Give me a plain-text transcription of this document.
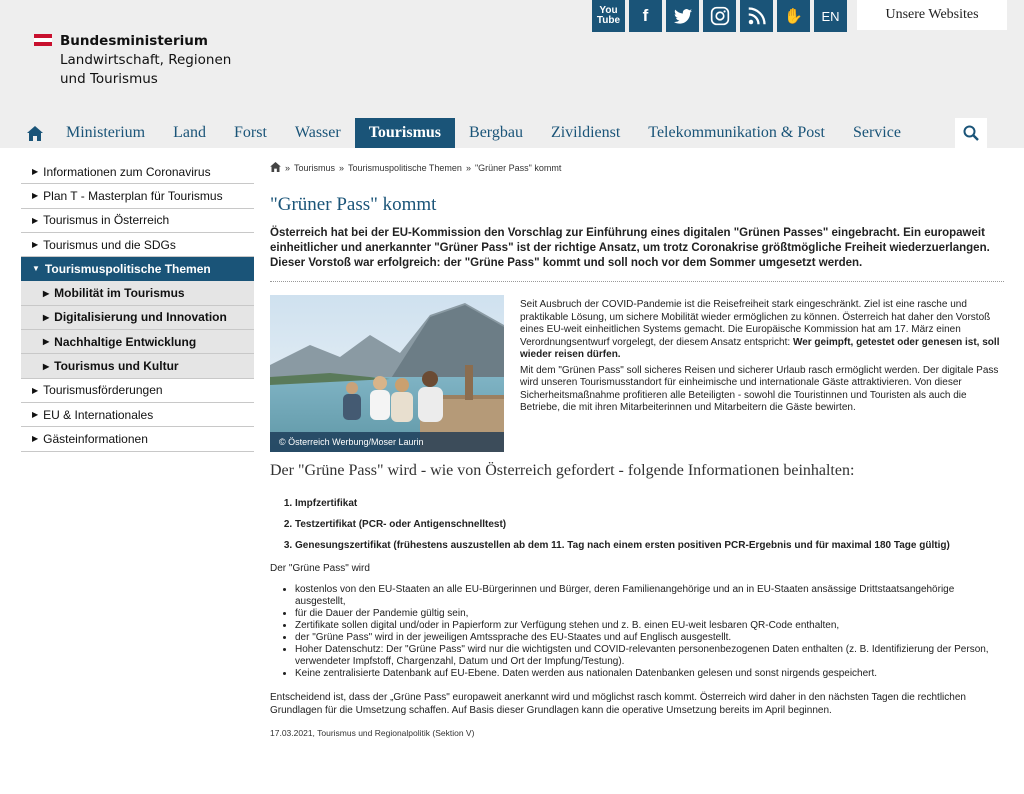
Bundesministerium
Landwirtschaft, Regionen
und Tourismus
You Tube	f	✋	EN	Unsere Websites
Ministerium	Land	Forst	Wasser	Tourismus	Bergbau	Zivildienst	Telekommunikation & Post	Service
▶ Informationen zum Coronavirus
▶ Plan T - Masterplan für Tourismus
▶ Tourismus in Österreich
▶ Tourismus und die SDGs
▼ Tourismuspolitische Themen
▶ Mobilität im Tourismus
▶ Digitalisierung und Innovation
▶ Nachhaltige Entwicklung
▶ Tourismus und Kultur
▶ Tourismusförderungen
▶ EU & Internationales
▶ Gästeinformationen
» Tourismus » Tourismuspolitische Themen » "Grüner Pass" kommt
"Grüner Pass" kommt

Österreich hat bei der EU-Kommission den Vorschlag zur Einführung eines digitalen "Grünen Passes" eingebracht. Ein europaweit einheitlicher und anerkannter "Grüner Pass" ist der richtige Ansatz, um trotz Coronakrise größtmögliche Freiheit wiederzuerlangen. Dieser Vorstoß war erfolgreich: der "Grüne Pass" kommt und soll noch vor dem Sommer umgesetzt werden.

© Österreich Werbung/Moser Laurin

Seit Ausbruch der COVID-Pandemie ist die Reisefreiheit stark eingeschränkt. Ziel ist eine rasche und praktikable Lösung, um sichere Mobilität wieder ermöglichen zu können. Österreich hat daher den Vorstoß eines EU-weit einheitlichen Systems gemacht. Die Europäische Kommission hat am 17. März einen Verordnungsentwurf vorgelegt, der diesem Ansatz entspricht: Wer geimpft, getestet oder genesen ist, soll wieder reisen dürfen.

Mit dem "Grünen Pass" soll sicheres Reisen und sicherer Urlaub rasch ermöglicht werden. Der digitale Pass wird unseren Tourismusstandort für einheimische und internationale Gäste attraktivieren. Von dieser Sicherheitsmaßnahme profitieren alle Beteiligten - sowohl die Touristinnen und Touristen als auch die Betriebe, die mit ihren Mitarbeiterinnen und Mitarbeitern die Gäste bewirten.

Der "Grüne Pass" wird - wie von Österreich gefordert - folgende Informationen beinhalten:
1. Impfzertifikat
2. Testzertifikat (PCR- oder Antigenschnelltest)
3. Genesungszertifikat (frühestens auszustellen ab dem 11. Tag nach einem ersten positiven PCR-Ergebnis und für maximal 180 Tage gültig)

Der "Grüne Pass" wird

• kostenlos von den EU-Staaten an alle EU-Bürgerinnen und Bürger, deren Familienangehörige und an in EU-Staaten ansässige Drittstaatsangehörige ausgestellt,
• für die Dauer der Pandemie gültig sein,
• Zertifikate sollen digital und/oder in Papierform zur Verfügung stehen und z. B. einen EU-weit lesbaren QR-Code enthalten,
• der "Grüne Pass" wird in der jeweiligen Amtssprache des EU-Staates und auf Englisch ausgestellt.
• Hoher Datenschutz: Der "Grüne Pass" wird nur die wichtigsten und COVID-relevanten personenbezogenen Daten enthalten (z. B. Identifizierung der Person, verwendeter Impfstoff, Chargenzahl, Datum und Ort der Impfung/Testung).
• Keine zentralisierte Datenbank auf EU-Ebene. Daten werden aus nationalen Datenbanken gelesen und sonst nirgends gespeichert.

Entscheidend ist, dass der „Grüne Pass" europaweit anerkannt wird und möglichst rasch kommt. Österreich wird daher in den nächsten Tagen die rechtlichen Grundlagen für die Umsetzung schaffen. Auf Basis dieser Grundlagen kann die operative Umsetzung bereits im April beginnen.

17.03.2021, Tourismus und Regionalpolitik (Sektion V)
